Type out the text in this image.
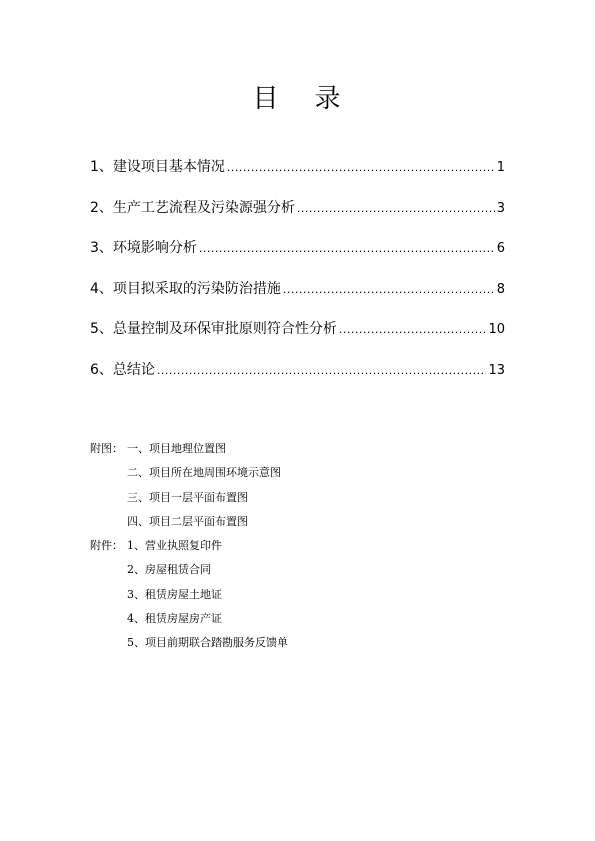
目 录
1、建设项目基本情况 .....	1
2、生产工艺流程及污染源强分析 .....	3
3、环境影响分析 .....	6
4、项目拟采取的污染防治措施 .....	8
5、总量控制及环保审批原则符合性分析 .....	10
6、总结论 .....	13
附图： 一、项目地理位置图
二、项目所在地周围环境示意图
三、项目一层平面布置图
四、项目二层平面布置图
附件： 1、营业执照复印件
2、房屋租赁合同
3、租赁房屋土地证
4、租赁房屋房产证
5、项目前期联合踏勘服务反馈单
